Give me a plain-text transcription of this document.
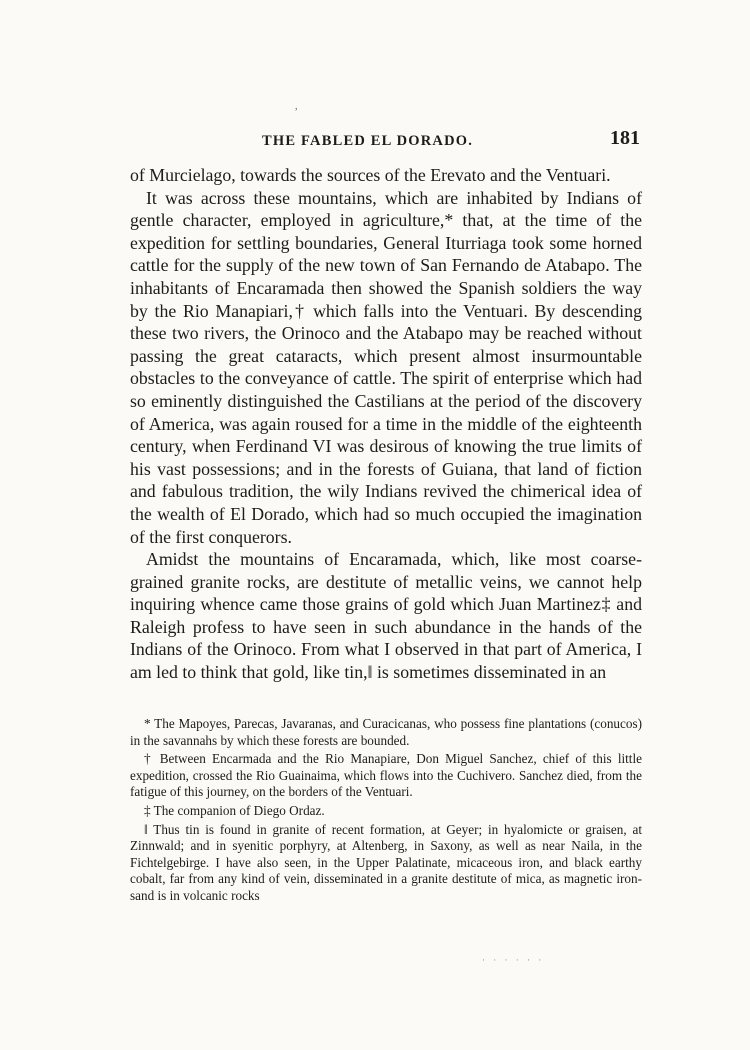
,
THE FABLED EL DORADO.	181

of Murcielago, towards the sources of the Erevato and the Ventuari.

It was across these mountains, which are inhabited by Indians of gentle character, employed in agriculture,* that, at the time of the expedition for settling boundaries, General Iturriaga took some horned cattle for the supply of the new town of San Fernando de Atabapo. The inhabitants of Encaramada then showed the Spanish soldiers the way by the Rio Manapiari,† which falls into the Ventuari. By descending these two rivers, the Orinoco and the Atabapo may be reached without passing the great cataracts, which present almost insurmountable obstacles to the conveyance of cattle. The spirit of enterprise which had so eminently distinguished the Castilians at the period of the discovery of America, was again roused for a time in the middle of the eighteenth century, when Ferdinand VI was desirous of knowing the true limits of his vast possessions; and in the forests of Guiana, that land of fiction and fabulous tradition, the wily Indians revived the chimerical idea of the wealth of El Dorado, which had so much occupied the imagination of the first conquerors.

Amidst the mountains of Encaramada, which, like most coarse-grained granite rocks, are destitute of metallic veins, we cannot help inquiring whence came those grains of gold which Juan Martinez‡ and Raleigh profess to have seen in such abundance in the hands of the Indians of the Orinoco. From what I observed in that part of America, I am led to think that gold, like tin,‖ is sometimes disseminated in an

* The Mapoyes, Parecas, Javaranas, and Curacicanas, who possess fine plantations (conucos) in the savannahs by which these forests are bounded.

† Between Encarmada and the Rio Manapiare, Don Miguel Sanchez, chief of this little expedition, crossed the Rio Guainaima, which flows into the Cuchivero. Sanchez died, from the fatigue of this journey, on the borders of the Ventuari.

‡ The companion of Diego Ordaz.

‖ Thus tin is found in granite of recent formation, at Geyer; in hyalomicte or graisen, at Zinnwald; and in syenitic porphyry, at Altenberg, in Saxony, as well as near Naila, in the Fichtelgebirge. I have also seen, in the Upper Palatinate, micaceous iron, and black earthy cobalt, far from any kind of vein, disseminated in a granite destitute of mica, as magnetic iron-sand is in volcanic rocks

· · · · · ·
